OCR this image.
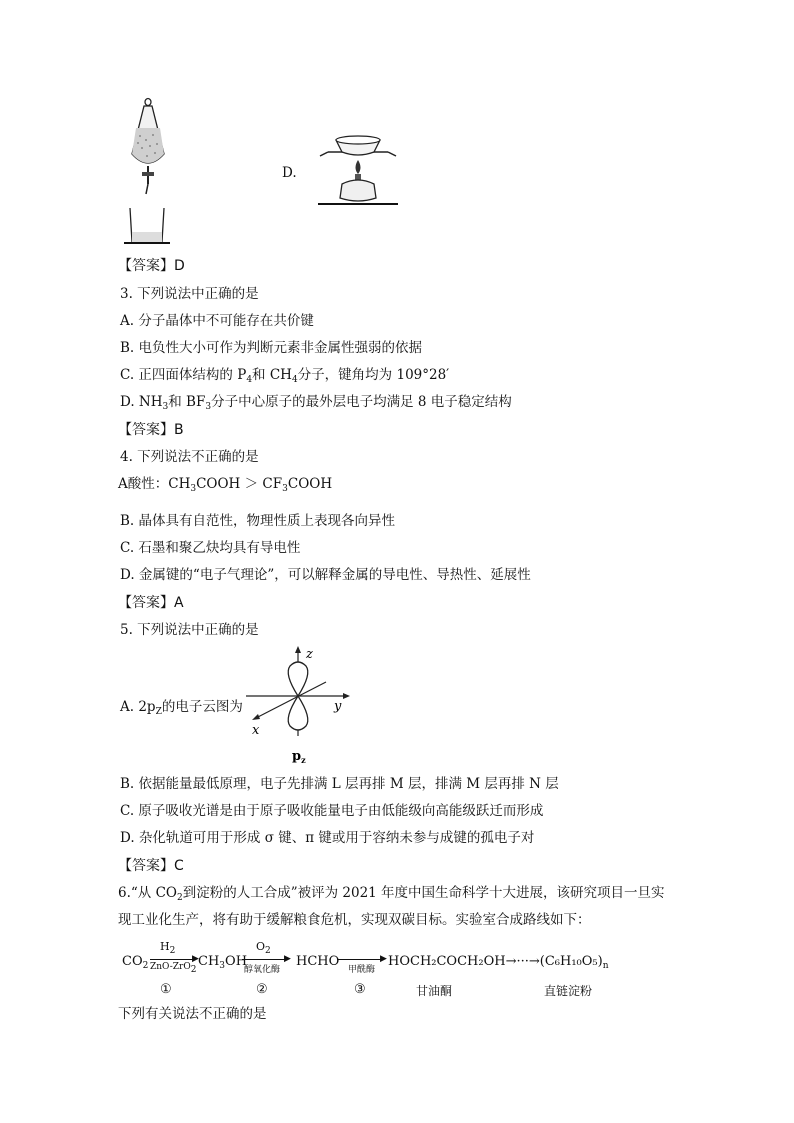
D.
【答案】D
3. 下列说法中正确的是
A. 分子晶体中不可能存在共价键
B. 电负性大小可作为判断元素非金属性强弱的依据
C. 正四面体结构的 $P_4$和 $CH_4$分子，键角均为 109°28′
D. $NH_3$和 $BF_3$分子中心原子的最外层电子均满足 8 电子稳定结构
【答案】B
4. 下列说法不正确的是
A酸性：$CH_3COOH$ ＞ $CF_3COOH$
B. 晶体具有自范性，物理性质上表现各向异性
C. 石墨和聚乙炔均具有导电性
D. 金属键的“电子气理论”，可以解释金属的导电性、导热性、延展性
【答案】A
5. 下列说法中正确的是
A. $2p_Z$的电子云图为
z
y
x
$p_z$
B. 依据能量最低原理，电子先排满 L 层再排 M 层，排满 M 层再排 N 层
C. 原子吸收光谱是由于原子吸收能量电子由低能级向高能级跃迁而形成
D. 杂化轨道可用于形成 σ 键、π 键或用于容纳未参与成键的孤电子对
【答案】C
6.“从 $CO_2$到淀粉的人工合成”被评为 2021 年度中国生命科学十大进展，该研究项目一旦实
现工业化生产，将有助于缓解粮食危机，实现双碳目标。实验室合成路线如下：
$CO_2$
$H_2$
▶
ZnO-ZrO$_2$
$CH_3OH$
$O_2$
▶
醇氧化酶
HCHO	▶
甲酰酶
$HOCH_2COCH_2OH\to\cdot\cdot\cdot\to(C_6H_{10}O_5)_n$
①	②	③	甘油酮	直链淀粉
下列有关说法不正确的是
